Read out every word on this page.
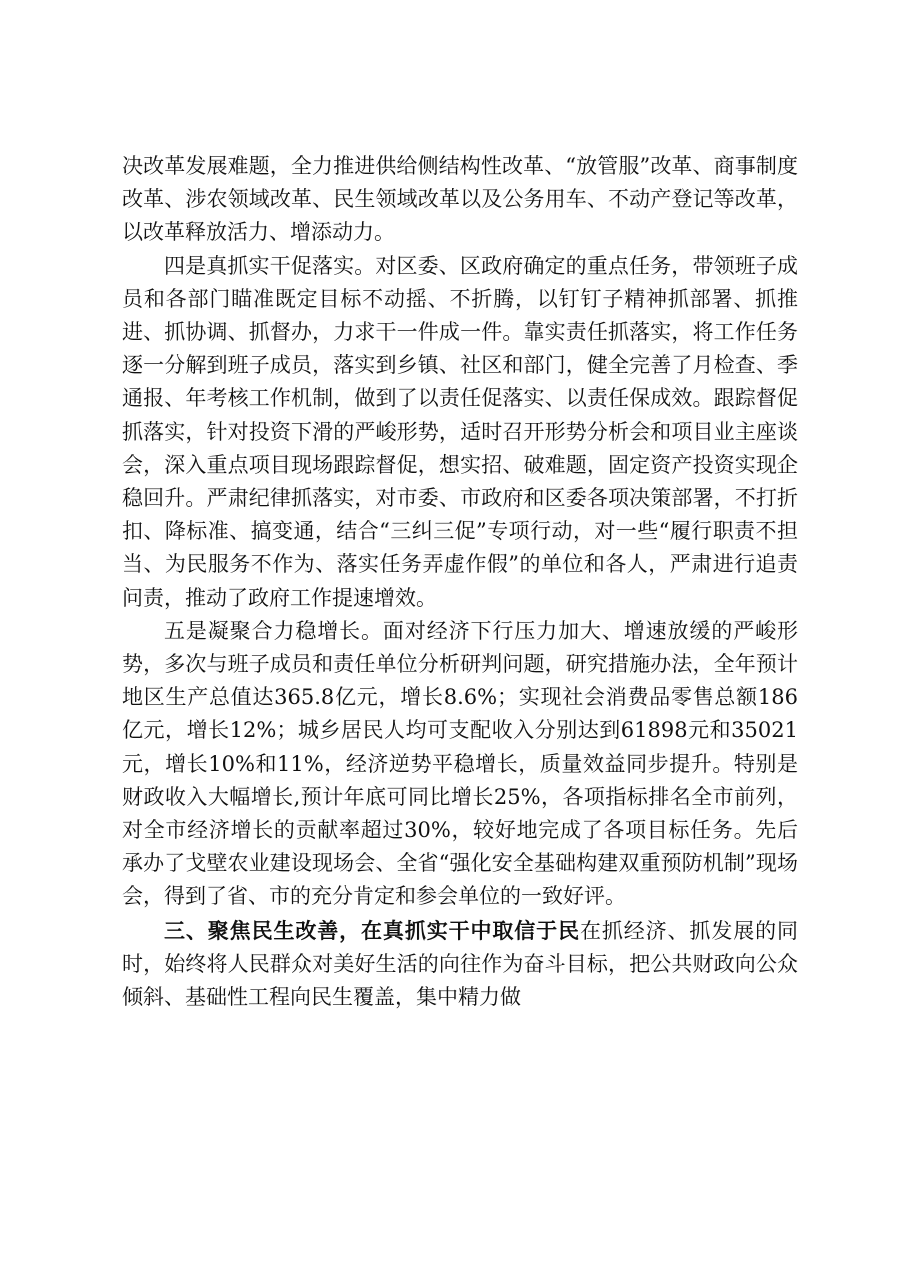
决改革发展难题，全力推进供给侧结构性改革、“放管服”改革、商事制度改革、涉农领域改革、民生领域改革以及公务用车、不动产登记等改革，以改革释放活力、增添动力。

四是真抓实干促落实。对区委、区政府确定的重点任务，带领班子成员和各部门瞄准既定目标不动摇、不折腾，以钉钉子精神抓部署、抓推进、抓协调、抓督办，力求干一件成一件。靠实责任抓落实，将工作任务逐一分解到班子成员，落实到乡镇、社区和部门，健全完善了月检查、季通报、年考核工作机制，做到了以责任促落实、以责任保成效。跟踪督促抓落实，针对投资下滑的严峻形势，适时召开形势分析会和项目业主座谈会，深入重点项目现场跟踪督促，想实招、破难题，固定资产投资实现企稳回升。严肃纪律抓落实，对市委、市政府和区委各项决策部署，不打折扣、降标准、搞变通，结合“三纠三促”专项行动，对一些“履行职责不担当、为民服务不作为、落实任务弄虚作假”的单位和各人，严肃进行追责问责，推动了政府工作提速增效。

五是凝聚合力稳增长。面对经济下行压力加大、增速放缓的严峻形势，多次与班子成员和责任单位分析研判问题，研究措施办法，全年预计地区生产总值达365.8亿元，增长8.6%；实现社会消费品零售总额186亿元，增长12%；城乡居民人均可支配收入分别达到61898元和35021元，增长10%和11%，经济逆势平稳增长，质量效益同步提升。特别是财政收入大幅增长,预计年底可同比增长25%，各项指标排名全市前列，对全市经济增长的贡献率超过30%，较好地完成了各项目标任务。先后承办了戈壁农业建设现场会、全省“强化安全基础构建双重预防机制”现场会，得到了省、市的充分肯定和参会单位的一致好评。

三、聚焦民生改善，在真抓实干中取信于民在抓经济、抓发展的同时，始终将人民群众对美好生活的向往作为奋斗目标，把公共财政向公众倾斜、基础性工程向民生覆盖，集中精力做
